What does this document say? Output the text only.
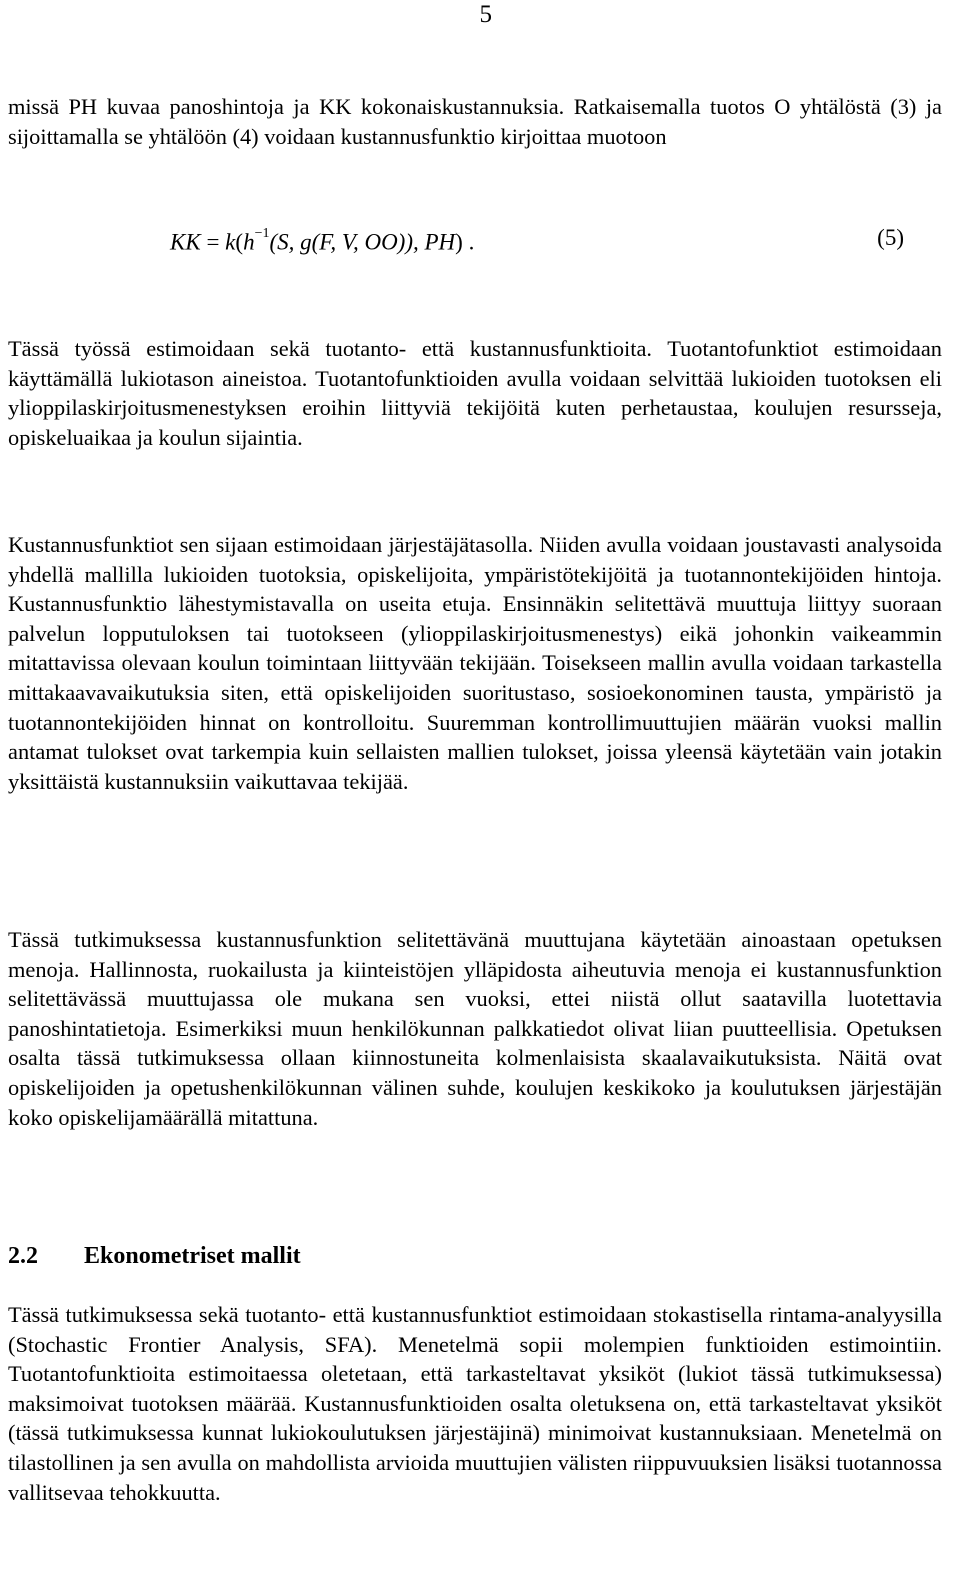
5

missä PH kuvaa panoshintoja ja KK kokonaiskustannuksia. Ratkaisemalla tuotos O yhtälöstä (3) ja sijoittamalla se yhtälöön (4) voidaan kustannusfunktio kirjoittaa muotoon

KK = $k(h^{-1}(S$, g(F, V, OO)), PH) .	(5)

Tässä työssä estimoidaan sekä tuotanto- että kustannusfunktioita. Tuotantofunktiot estimoidaan käyttämällä lukiotason aineistoa. Tuotantofunktioiden avulla voidaan selvittää lukioiden tuotoksen eli ylioppilaskirjoitusmenestyksen eroihin liittyviä tekijöitä kuten perhetaustaa, koulujen resursseja, opiskeluaikaa ja koulun sijaintia.

Kustannusfunktiot sen sijaan estimoidaan järjestäjätasolla. Niiden avulla voidaan joustavasti analysoida yhdellä mallilla lukioiden tuotoksia, opiskelijoita, ympäristötekijöitä ja tuotannontekijöiden hintoja. Kustannusfunktio lähestymistavalla on useita etuja. Ensinnäkin selitettävä muuttuja liittyy suoraan palvelun lopputuloksen tai tuotokseen (ylioppilaskirjoitusmenestys) eikä johonkin vaikeammin mitattavissa olevaan koulun toimintaan liittyvään tekijään. Toisekseen mallin avulla voidaan tarkastella mittakaavavaikutuksia siten, että opiskelijoiden suoritustaso, sosioekonominen tausta, ympäristö ja tuotannontekijöiden hinnat on kontrolloitu. Suuremman kontrollimuuttujien määrän vuoksi mallin antamat tulokset ovat tarkempia kuin sellaisten mallien tulokset, joissa yleensä käytetään vain jotakin yksittäistä kustannuksiin vaikuttavaa tekijää.

Tässä tutkimuksessa kustannusfunktion selitettävänä muuttujana käytetään ainoastaan opetuksen menoja. Hallinnosta, ruokailusta ja kiinteistöjen ylläpidosta aiheutuvia menoja ei kustannusfunktion selitettävässä muuttujassa ole mukana sen vuoksi, ettei niistä ollut saatavilla luotettavia panoshintatietoja. Esimerkiksi muun henkilökunnan palkkatiedot olivat liian puutteellisia. Opetuksen osalta tässä tutkimuksessa ollaan kiinnostuneita kolmenlaisista skaalavaikutuksista. Näitä ovat opiskelijoiden ja opetushenkilökunnan välinen suhde, koulujen keskikoko ja koulutuksen järjestäjän koko opiskelijamäärällä mitattuna.

2.2 Ekonometriset mallit

Tässä tutkimuksessa sekä tuotanto- että kustannusfunktiot estimoidaan stokastisella rintama-analyysilla (Stochastic Frontier Analysis, SFA). Menetelmä sopii molempien funktioiden estimointiin. Tuotantofunktioita estimoitaessa oletetaan, että tarkasteltavat yksiköt (lukiot tässä tutkimuksessa) maksimoivat tuotoksen määrää. Kustannusfunktioiden osalta oletuksena on, että tarkasteltavat yksiköt (tässä tutkimuksessa kunnat lukiokoulutuksen järjestäjinä) minimoivat kustannuksiaan. Menetelmä on tilastollinen ja sen avulla on mahdollista arvioida muuttujien välisten riippuvuuksien lisäksi tuotannossa vallitsevaa tehokkuutta.
